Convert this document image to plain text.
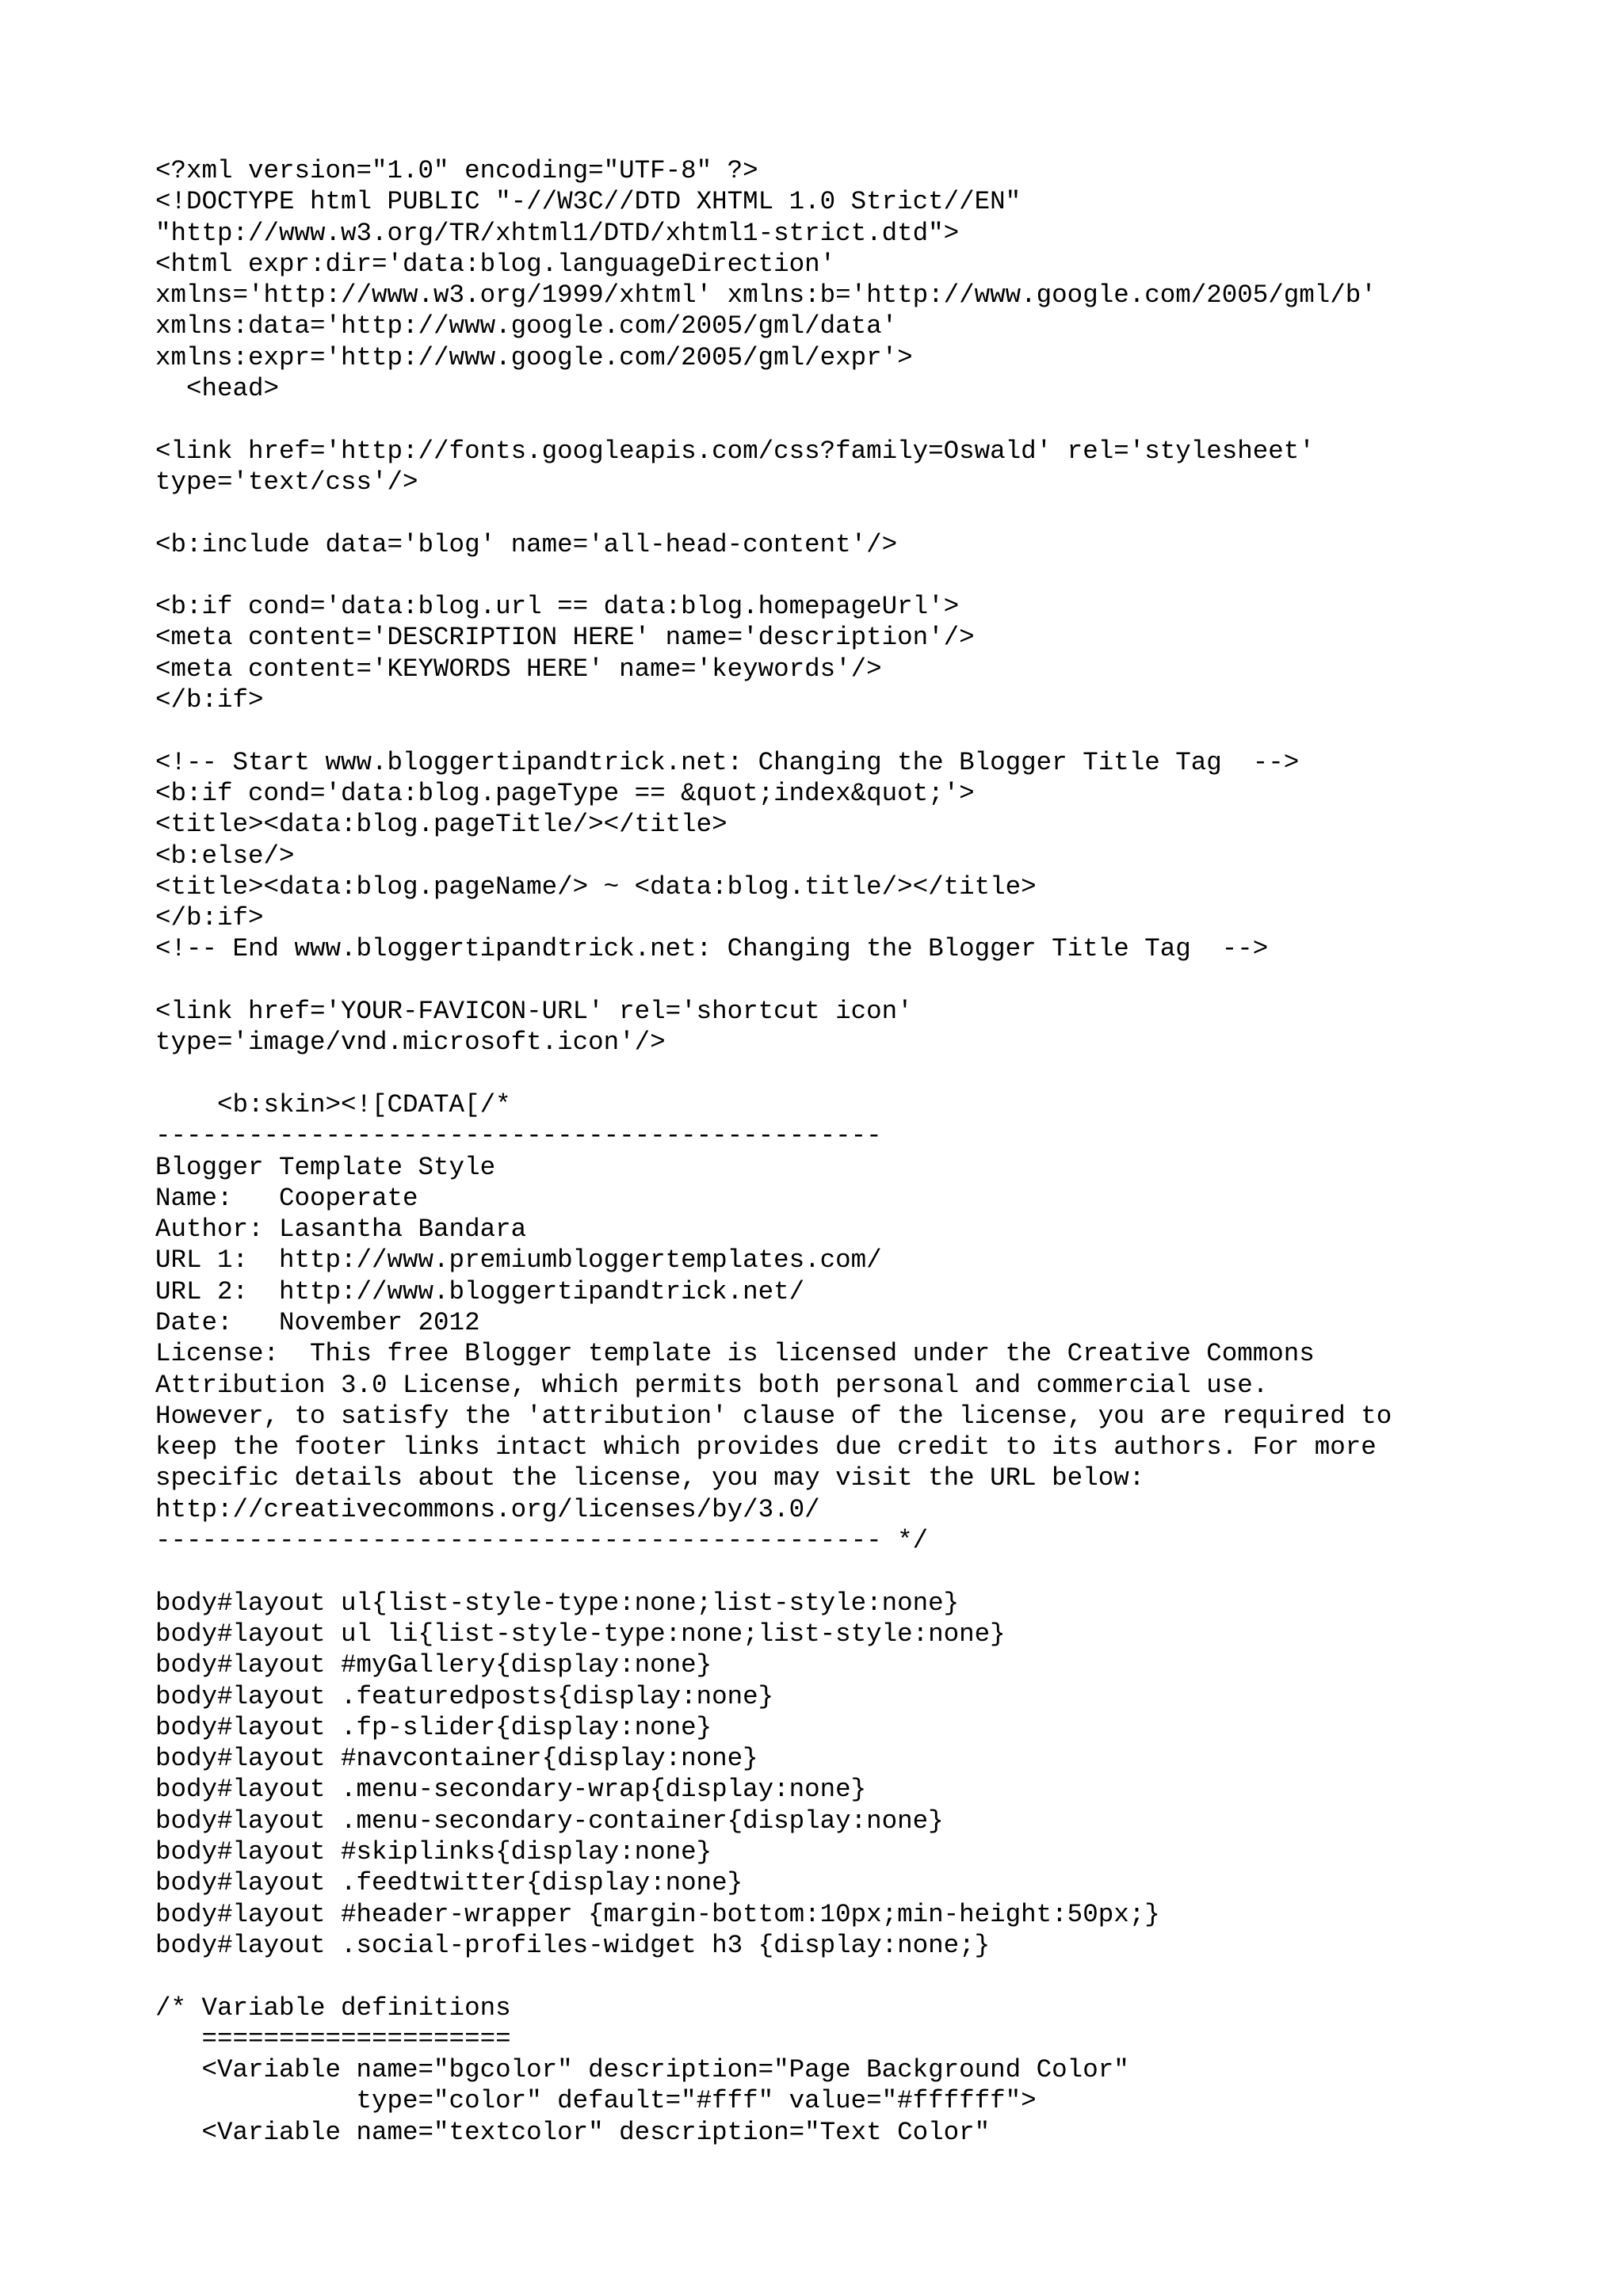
<?xml version="1.0" encoding="UTF-8" ?>
<!DOCTYPE html PUBLIC "-//W3C//DTD XHTML 1.0 Strict//EN"
"http://www.w3.org/TR/xhtml1/DTD/xhtml1-strict.dtd">
<html expr:dir='data:blog.languageDirection'
xmlns='http://www.w3.org/1999/xhtml' xmlns:b='http://www.google.com/2005/gml/b'
xmlns:data='http://www.google.com/2005/gml/data'
xmlns:expr='http://www.google.com/2005/gml/expr'>
<head>
<link href='http://fonts.googleapis.com/css?family=Oswald' rel='stylesheet'
type='text/css'/>
<b:include data='blog' name='all-head-content'/>
<b:if cond='data:blog.url == data:blog.homepageUrl'>
<meta content='DESCRIPTION HERE' name='description'/>
<meta content='KEYWORDS HERE' name='keywords'/>
</b:if>
<!-- Start www.bloggertipandtrick.net: Changing the Blogger Title Tag  -->
<b:if cond='data:blog.pageType == &quot;index&quot;'>
<title><data:blog.pageTitle/></title>
<b:else/>
<title><data:blog.pageName/> ~ <data:blog.title/></title>
</b:if>
<!-- End www.bloggertipandtrick.net: Changing the Blogger Title Tag  -->
<link href='YOUR-FAVICON-URL' rel='shortcut icon'
type='image/vnd.microsoft.icon'/>
<b:skin><![CDATA[/*
-----------------------------------------------
Blogger Template Style
Name:   Cooperate
Author: Lasantha Bandara
URL 1:  http://www.premiumbloggertemplates.com/
URL 2:  http://www.bloggertipandtrick.net/
Date:   November 2012
License:  This free Blogger template is licensed under the Creative Commons
Attribution 3.0 License, which permits both personal and commercial use.
However, to satisfy the 'attribution' clause of the license, you are required to
keep the footer links intact which provides due credit to its authors. For more
specific details about the license, you may visit the URL below:
http://creativecommons.org/licenses/by/3.0/
----------------------------------------------- */
body#layout ul{list-style-type:none;list-style:none}
body#layout ul li{list-style-type:none;list-style:none}
body#layout #myGallery{display:none}
body#layout .featuredposts{display:none}
body#layout .fp-slider{display:none}
body#layout #navcontainer{display:none}
body#layout .menu-secondary-wrap{display:none}
body#layout .menu-secondary-container{display:none}
body#layout #skiplinks{display:none}
body#layout .feedtwitter{display:none}
body#layout #header-wrapper {margin-bottom:10px;min-height:50px;}
body#layout .social-profiles-widget h3 {display:none;}
/* Variable definitions
====================
<Variable name="bgcolor" description="Page Background Color"
type="color" default="#fff" value="#ffffff">
<Variable name="textcolor" description="Text Color"
